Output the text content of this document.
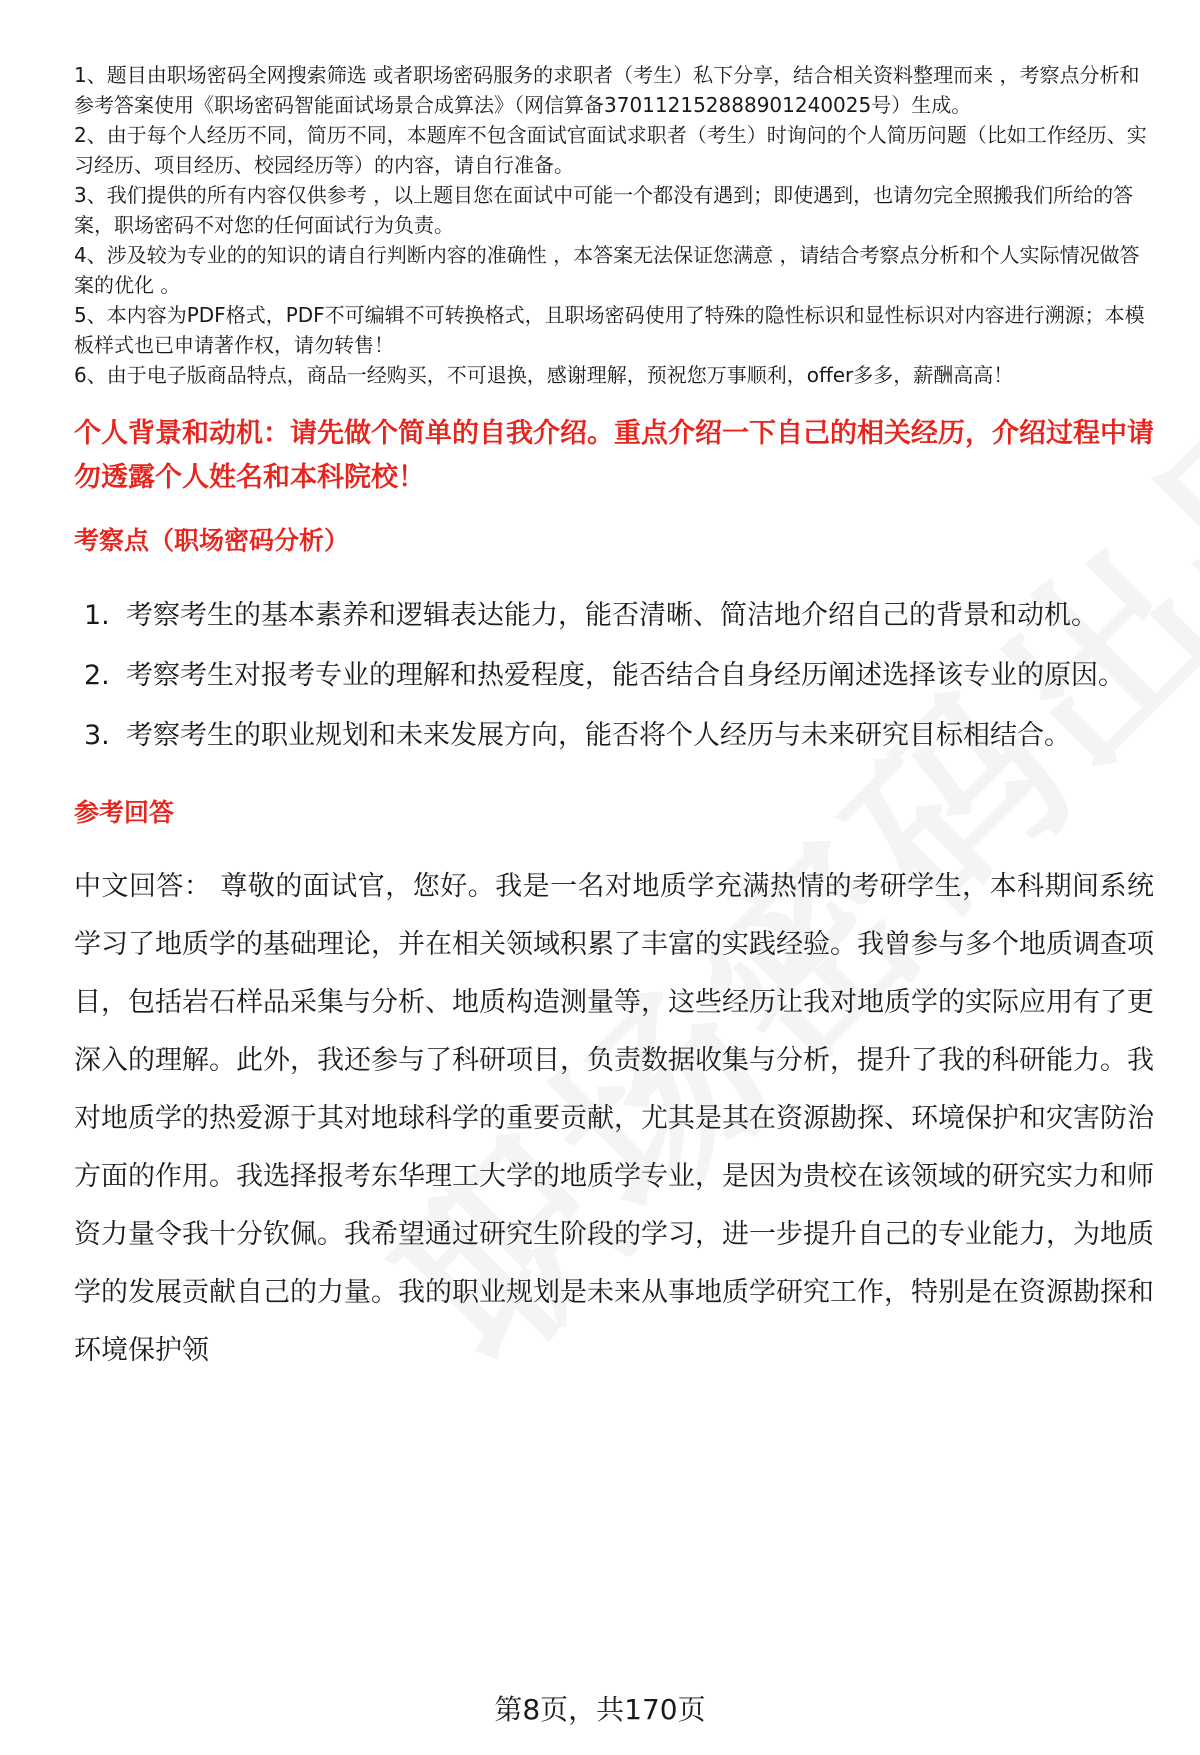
1、题目由职场密码全网搜索筛选 或者职场密码服务的求职者（考生）私下分享，结合相关资料整理而来 ，考察点分析和参考答案使用《职场密码智能面试场景合成算法》（网信算备370112152888901240025号）生成。

2、由于每个人经历不同，简历不同，本题库不包含面试官面试求职者（考生）时询问的个人简历问题（比如工作经历、实习经历、项目经历、校园经历等）的内容，请自行准备。

3、我们提供的所有内容仅供参考 ，以上题目您在面试中可能一个都没有遇到；即使遇到，也请勿完全照搬我们所给的答案，职场密码不对您的任何面试行为负责。

4、涉及较为专业的的知识的请自行判断内容的准确性 ，本答案无法保证您满意 ，请结合考察点分析和个人实际情况做答案的优化 。

5、本内容为PDF格式，PDF不可编辑不可转换格式，且职场密码使用了特殊的隐性标识和显性标识对内容进行溯源；本模板样式也已申请著作权，请勿转售！

6、由于电子版商品特点，商品一经购买，不可退换，感谢理解，预祝您万事顺利，offer多多，薪酬高高！

个人背景和动机：请先做个简单的自我介绍。重点介绍一下自己的相关经历，介绍过程中请勿透露个人姓名和本科院校！
考察点（职场密码分析）
1. 考察考生的基本素养和逻辑表达能力，能否清晰、简洁地介绍自己的背景和动机。
2. 考察考生对报考专业的理解和热爱程度，能否结合自身经历阐述选择该专业的原因。
3. 考察考生的职业规划和未来发展方向，能否将个人经历与未来研究目标相结合。
参考回答
中文回答： 尊敬的面试官，您好。我是一名对地质学充满热情的考研学生，本科期间系统学习了地质学的基础理论，并在相关领域积累了丰富的实践经验。我曾参与多个地质调查项目，包括岩石样品采集与分析、地质构造测量等，这些经历让我对地质学的实际应用有了更深入的理解。此外，我还参与了科研项目，负责数据收集与分析，提升了我的科研能力。我对地质学的热爱源于其对地球科学的重要贡献，尤其是其在资源勘探、环境保护和灾害防治方面的作用。我选择报考东华理工大学的地质学专业，是因为贵校在该领域的研究实力和师资力量令我十分钦佩。我希望通过研究生阶段的学习，进一步提升自己的专业能力，为地质学的发展贡献自己的力量。我的职业规划是未来从事地质学研究工作，特别是在资源勘探和环境保护领
第8页，共170页
